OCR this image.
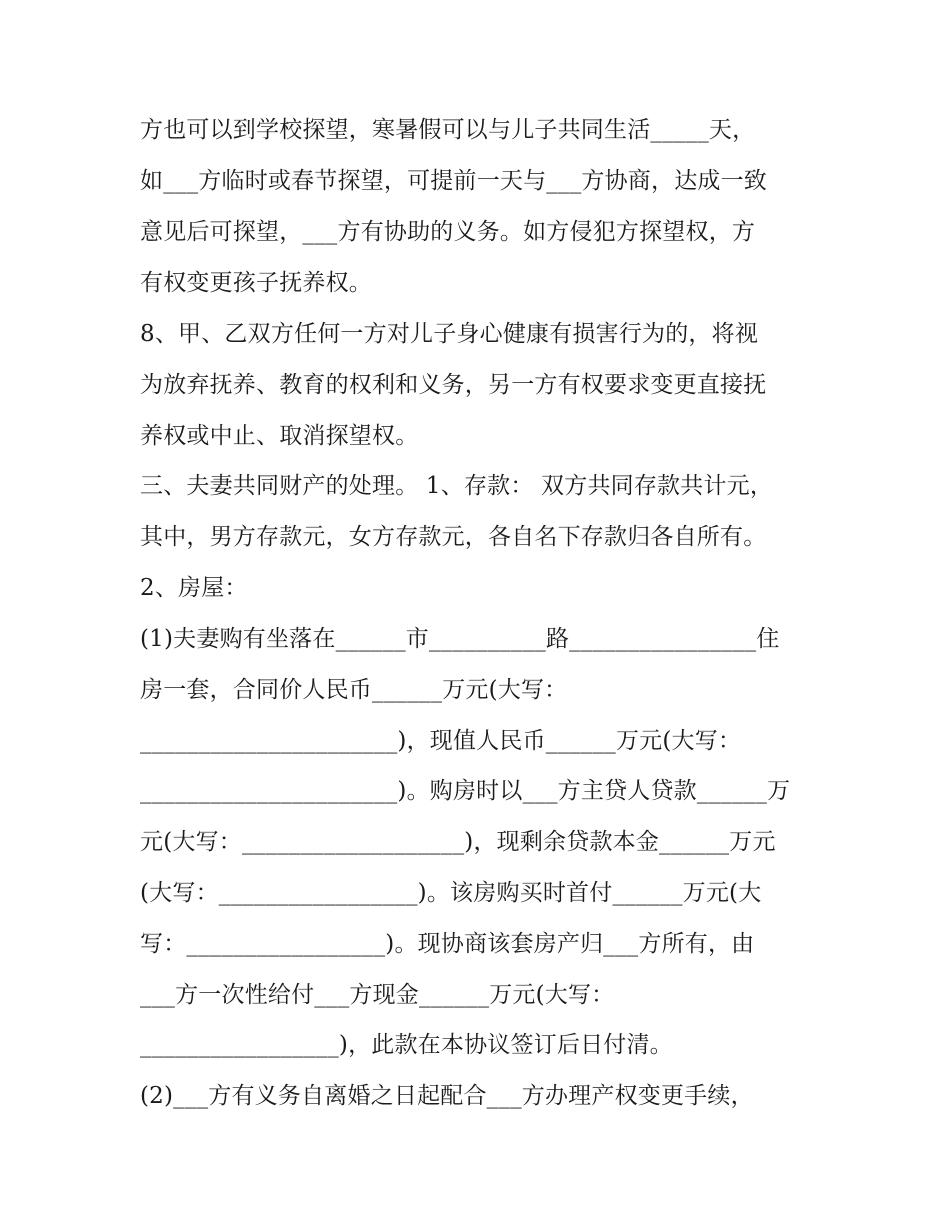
方也可以到学校探望，寒暑假可以与儿子共同生活_____天，
如___方临时或春节探望，可提前一天与___方协商，达成一致
意见后可探望，___方有协助的义务。如方侵犯方探望权，方
有权变更孩子抚养权。
8、甲、乙双方任何一方对儿子身心健康有损害行为的，将视
为放弃抚养、教育的权利和义务，另一方有权要求变更直接抚
养权或中止、取消探望权。
三、夫妻共同财产的处理。 1、存款： 双方共同存款共计元，
其中，男方存款元，女方存款元，各自名下存款归各自所有。
2、房屋：
(1)夫妻购有坐落在______市__________路________________住
房一套，合同价人民币______万元(大写：
______________________)，现值人民币______万元(大写：
______________________)。购房时以___方主贷人贷款______万
元(大写：___________________)，现剩余贷款本金______万元
(大写：_________________)。该房购买时首付______万元(大
写：_________________)。现协商该套房产归___方所有，由
___方一次性给付___方现金______万元(大写：
_________________)，此款在本协议签订后日付清。
(2)___方有义务自离婚之日起配合___方办理产权变更手续，
